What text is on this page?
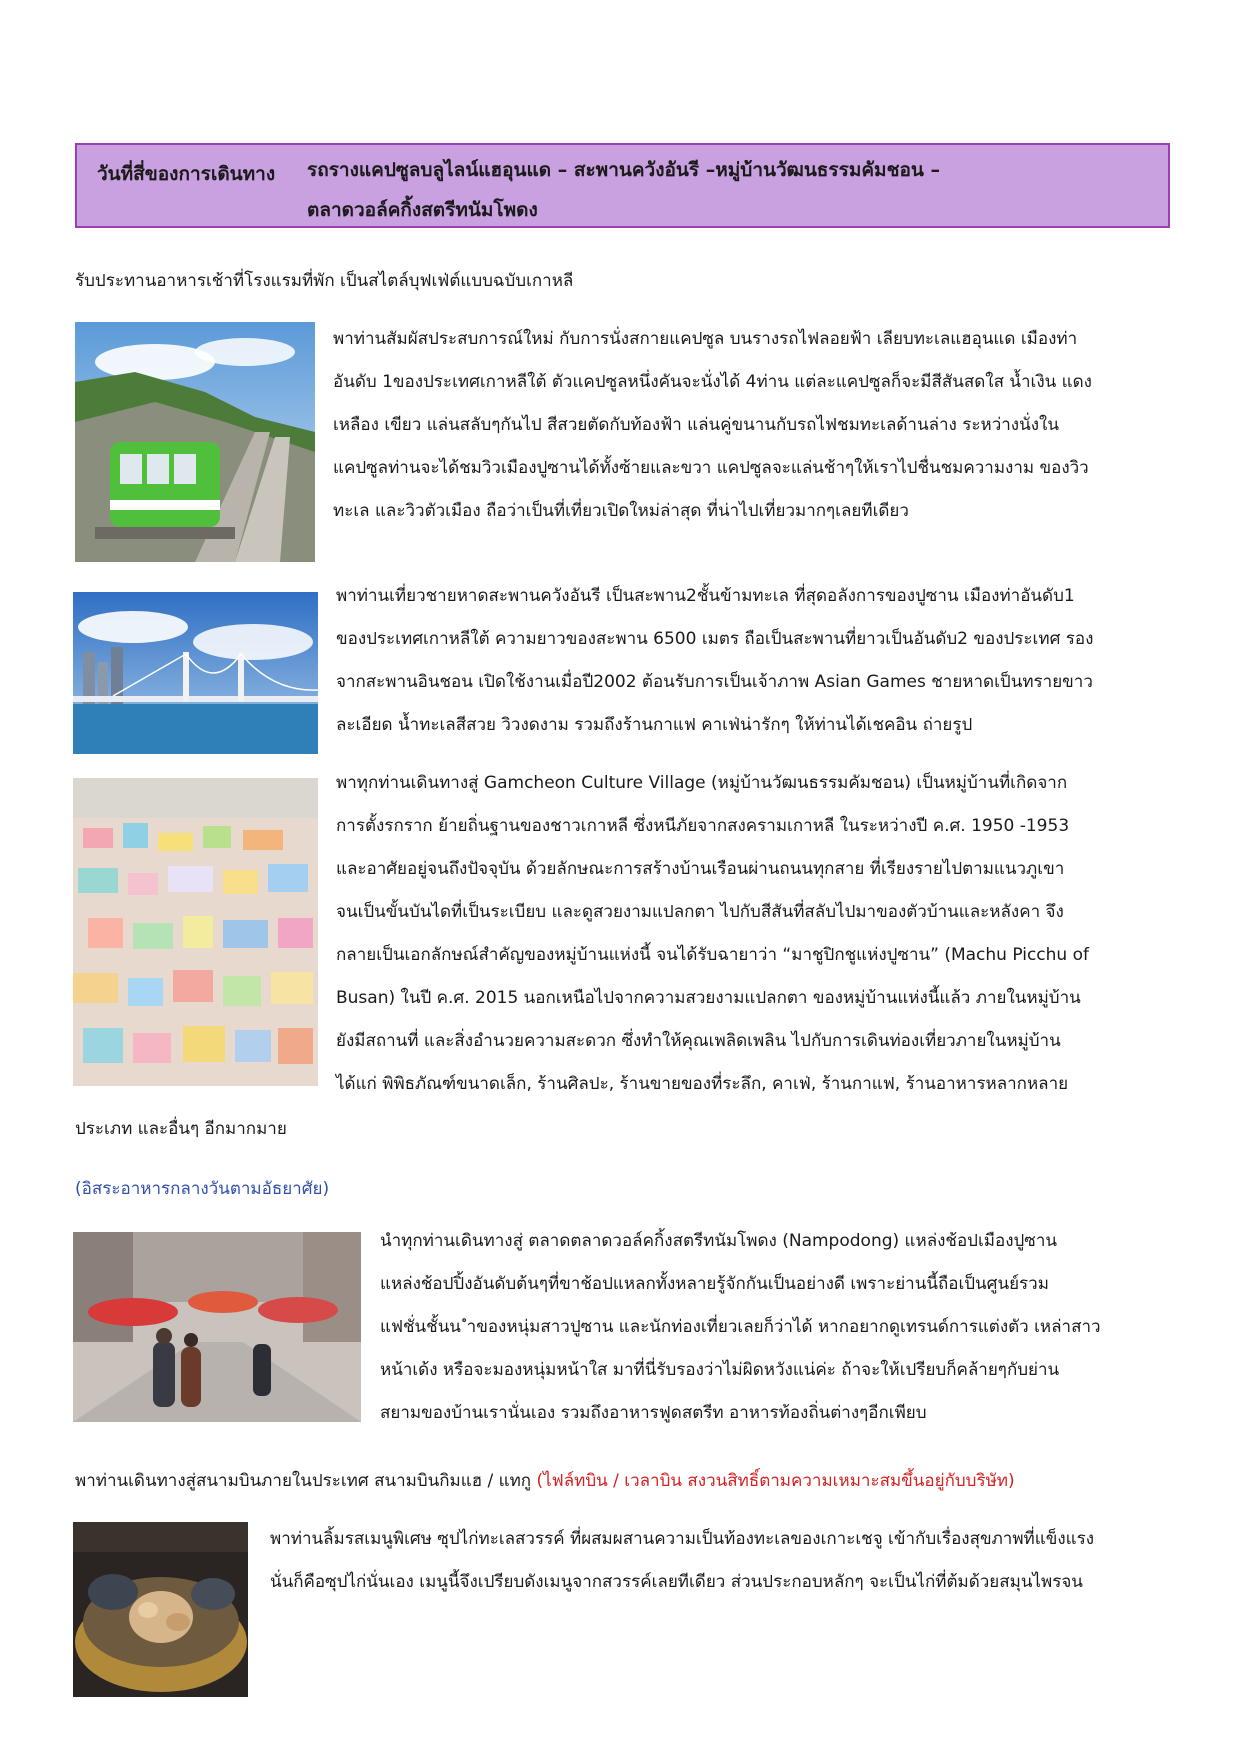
วันที่สี่ของการเดินทาง รถรางแคปซูลบลูไลน์แฮอุนแด – สะพานควังอันรี –หมู่บ้านวัฒนธรรมคัมชอน –
ตลาดวอล์คกิ้งสตรีทนัมโพดง
รับประทานอาหารเช้าที่โรงแรมที่พัก เป็นสไตล์บุฟเฟ่ต์แบบฉบับเกาหลี

พาท่านสัมผัสประสบการณ์ใหม่ กับการนั่งสกายแคปซูล บนรางรถไฟลอยฟ้า เลียบทะเลแฮอุนแด เมืองท่า

อันดับ 1ของประเทศเกาหลีใต้ ตัวแคปซูลหนึ่งคันจะนั่งได้ 4ท่าน แต่ละแคปซูลก็จะมีสีสันสดใส น้ำเงิน แดง

เหลือง เขียว แล่นสลับๆกันไป สีสวยตัดกับท้องฟ้า แล่นคู่ขนานกับรถไฟชมทะเลด้านล่าง ระหว่างนั่งใน

แคปซูลท่านจะได้ชมวิวเมืองปูซานได้ทั้งซ้ายและขวา แคปซูลจะแล่นช้าๆให้เราไปชื่นชมความงาม ของวิว

ทะเล และวิวตัวเมือง ถือว่าเป็นที่เที่ยวเปิดใหม่ล่าสุด ที่น่าไปเที่ยวมากๆเลยทีเดียว

พาท่านเที่ยวชายหาดสะพานควังอันรี เป็นสะพาน2ชั้นข้ามทะเล ที่สุดอลังการของปูซาน เมืองท่าอันดับ1

ของประเทศเกาหลีใต้ ความยาวของสะพาน 6500 เมตร ถือเป็นสะพานที่ยาวเป็นอันดับ2 ของประเทศ รอง

จากสะพานอินชอน เปิดใช้งานเมื่อปี2002 ต้อนรับการเป็นเจ้าภาพ Asian Games ชายหาดเป็นทรายขาว

ละเอียด น้ำทะเลสีสวย วิวงดงาม รวมถึงร้านกาแฟ คาเฟ่น่ารักๆ ให้ท่านได้เชคอิน ถ่ายรูป

พาทุกท่านเดินทางสู่ Gamcheon Culture Village (หมู่บ้านวัฒนธรรมคัมชอน) เป็นหมู่บ้านที่เกิดจาก

การตั้งรกราก ย้ายถิ่นฐานของชาวเกาหลี ซึ่งหนีภัยจากสงครามเกาหลี ในระหว่างปี ค.ศ. 1950 -1953

และอาศัยอยู่จนถึงปัจจุบัน ด้วยลักษณะการสร้างบ้านเรือนผ่านถนนทุกสาย ที่เรียงรายไปตามแนวภูเขา

จนเป็นขั้นบันไดที่เป็นระเบียบ และดูสวยงามแปลกตา ไปกับสีสันที่สลับไปมาของตัวบ้านและหลังคา จึง

กลายเป็นเอกลักษณ์สำคัญของหมู่บ้านแห่งนี้ จนได้รับฉายาว่า “มาชูปิกชูแห่งปูซาน” (Machu Picchu of

Busan) ในปี ค.ศ. 2015 นอกเหนือไปจากความสวยงามแปลกตา ของหมู่บ้านแห่งนี้แล้ว ภายในหมู่บ้าน

ยังมีสถานที่ และสิ่งอำนวยความสะดวก ซึ่งทำให้คุณเพลิดเพลิน ไปกับการเดินท่องเที่ยวภายในหมู่บ้าน

ได้แก่ พิพิธภัณฑ์ขนาดเล็ก, ร้านศิลปะ, ร้านขายของที่ระลึก, คาเฟ่, ร้านกาแฟ, ร้านอาหารหลากหลาย

ประเภท และอื่นๆ อีกมากมาย
(อิสระอาหารกลางวันตามอัธยาศัย)

นำทุกท่านเดินทางสู่ ตลาดตลาดวอล์คกิ้งสตรีทนัมโพดง (Nampodong) แหล่งช้อปเมืองปูซาน

แหล่งช้อปปิ้งอันดับต้นๆที่ขาช้อปแหลกทั้งหลายรู้จักกันเป็นอย่างดี เพราะย่านนี้ถือเป็นศูนย์รวม

แฟชั่นชั้นน ำของหนุ่มสาวปูซาน และนักท่องเที่ยวเลยก็ว่าได้ หากอยากดูเทรนด์การแต่งตัว เหล่าสาว

หน้าเด้ง หรือจะมองหนุ่มหน้าใส มาที่นี่รับรองว่าไม่ผิดหวังแน่ค่ะ ถ้าจะให้เปรียบก็คล้ายๆกับย่าน

สยามของบ้านเรานั่นเอง รวมถึงอาหารฟูดสตรีท อาหารท้องถิ่นต่างๆอีกเพียบ

พาท่านเดินทางสู่สนามบินภายในประเทศ สนามบินกิมแฮ / แทกู (ไฟล์ทบิน / เวลาบิน สงวนสิทธิ์ตามความเหมาะสมขึ้นอยู่กับบริษัท)

พาท่านลิ้มรสเมนูพิเศษ ซุปไก่ทะเลสวรรค์ ที่ผสมผสานความเป็นท้องทะเลของเกาะเชจู เข้ากับเรื่องสุขภาพที่แข็งแรง

นั่นก็คือซุปไก่นั่นเอง เมนูนี้จึงเปรียบดังเมนูจากสวรรค์เลยทีเดียว ส่วนประกอบหลักๆ จะเป็นไก่ที่ต้มด้วยสมุนไพรจน
